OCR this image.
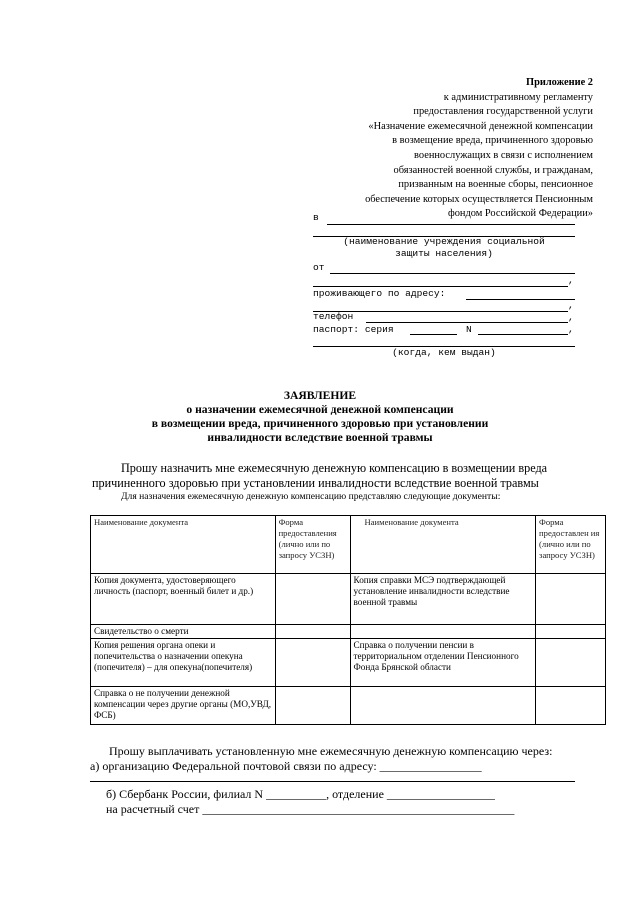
Приложение 2
к административному регламенту
предоставления государственной услуги
«Назначение ежемесячной денежной компенсации
в возмещение вреда, причиненного здоровью
военнослужащих в связи с исполнением
обязанностей военной службы, и гражданам,
призванным на военные сборы, пенсионное
обеспечение которых осуществляется Пенсионным
фондом Российской Федерации»
в
(наименование учреждения социальной
защиты населения)
от
,
проживающего по адресу:
,
телефон	,
паспорт: серия	N	,
(когда, кем выдан)
ЗАЯВЛЕНИЕ
о назначении ежемесячной денежной компенсации
в возмещении вреда, причиненного здоровью при установлении
инвалидности вследствие военной травмы
Прошу назначить мне ежемесячную денежную компенсацию в возмещении вреда
причиненного здоровью при установлении инвалидности вследствие военной травмы
Для назначения ежемесячную денежную компенсацию представляю следующие документы:
Наименование документа	Форма предоставления (лично или по запросу УСЗН)	Наименование документа	Форма предоставлен ия (лично или по запросу УСЗН)
Копия документа, удостоверяющего личность (паспорт, военный билет и др.)		Копия справки МСЭ подтверждающей установление инвалидности вследствие военной травмы	
Свидетельство о смерти			
Копия решения органа опеки и попечительства о назначении опекуна (попечителя) – для опекуна(попечителя)		Справка о получении пенсии в территориальном отделении Пенсионного Фонда Брянской области	
Справка о не получении денежной компенсации через другие органы (МО,УВД, ФСБ)			
Прошу выплачивать установленную мне ежемесячную денежную компенсацию через:
а) организацию Федеральной почтовой связи по адресу: _________________
б) Сбербанк России, филиал N __________, отделение __________________
на расчетный счет ____________________________________________________
